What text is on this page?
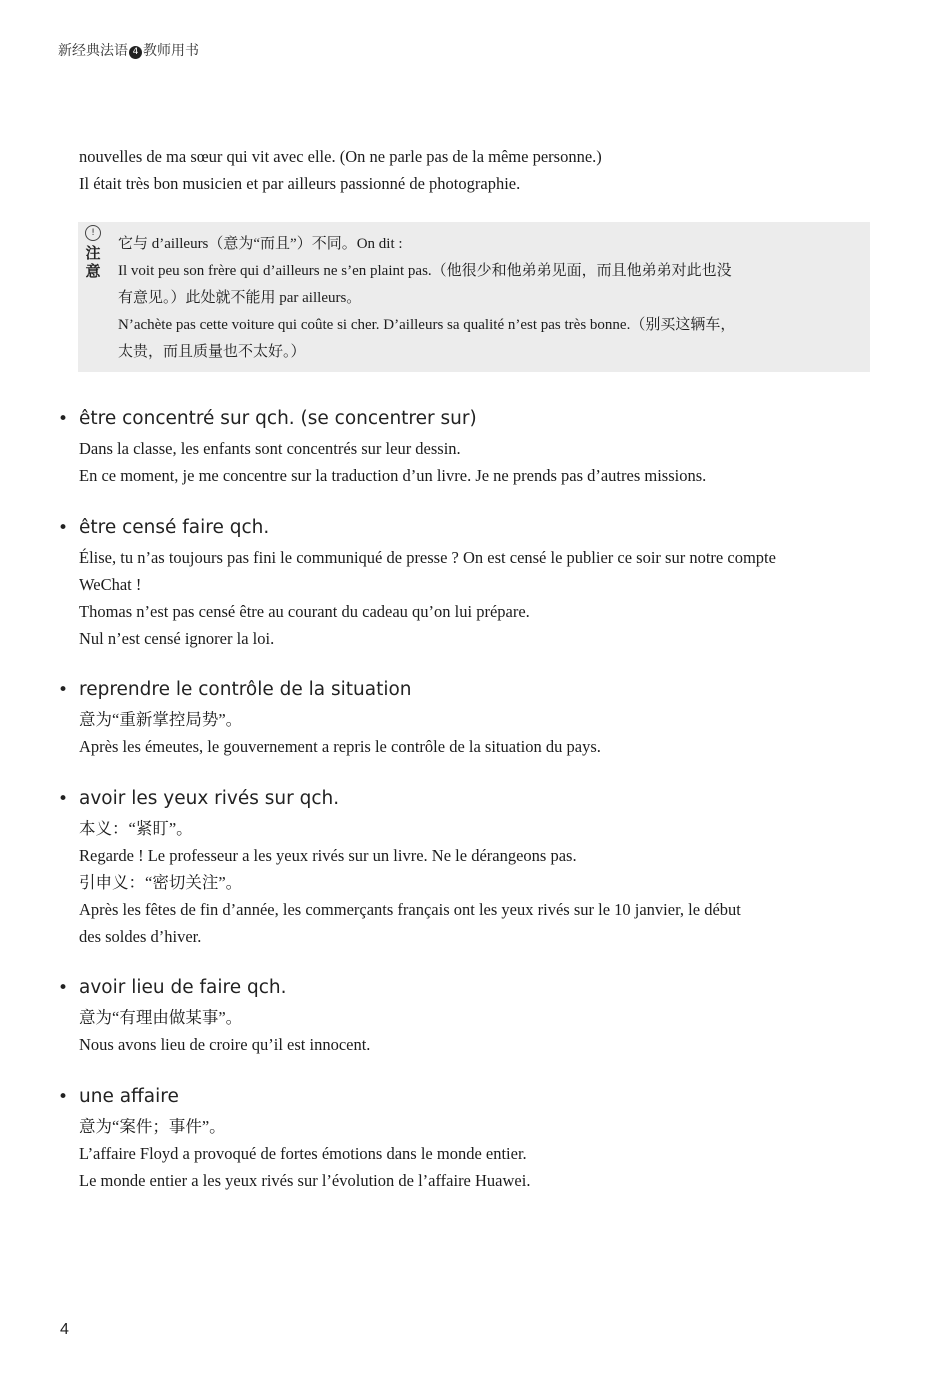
新经典法语 4 教师用书

nouvelles de ma sœur qui vit avec elle. (On ne parle pas de la même personne.)

Il était très bon musicien et par ailleurs passionné de photographie.

!
注
意

它与 d’ailleurs（意为“而且”）不同。On dit :

Il voit peu son frère qui d’ailleurs ne s’en plaint pas.（他很少和他弟弟见面，而且他弟弟对此也没

有意见。）此处就不能用 par ailleurs。

N’achète pas cette voiture qui coûte si cher. D’ailleurs sa qualité n’est pas très bonne.（别买这辆车，

太贵，而且质量也不太好。）

• être concentré sur qch. (se concentrer sur)

Dans la classe, les enfants sont concentrés sur leur dessin.

En ce moment, je me concentre sur la traduction d’un livre. Je ne prends pas d’autres missions.

• être censé faire qch.

Élise, tu n’as toujours pas fini le communiqué de presse ? On est censé le publier ce soir sur notre compte

WeChat !

Thomas n’est pas censé être au courant du cadeau qu’on lui prépare.

Nul n’est censé ignorer la loi.

• reprendre le contrôle de la situation

意为“重新掌控局势”。

Après les émeutes, le gouvernement a repris le contrôle de la situation du pays.

• avoir les yeux rivés sur qch.

本义：“紧盯”。

Regarde ! Le professeur a les yeux rivés sur un livre. Ne le dérangeons pas.

引申义：“密切关注”。

Après les fêtes de fin d’année, les commerçants français ont les yeux rivés sur le 10 janvier, le début

des soldes d’hiver.

• avoir lieu de faire qch.

意为“有理由做某事”。

Nous avons lieu de croire qu’il est innocent.

• une affaire

意为“案件；事件”。

L’affaire Floyd a provoqué de fortes émotions dans le monde entier.

Le monde entier a les yeux rivés sur l’évolution de l’affaire Huawei.

4
